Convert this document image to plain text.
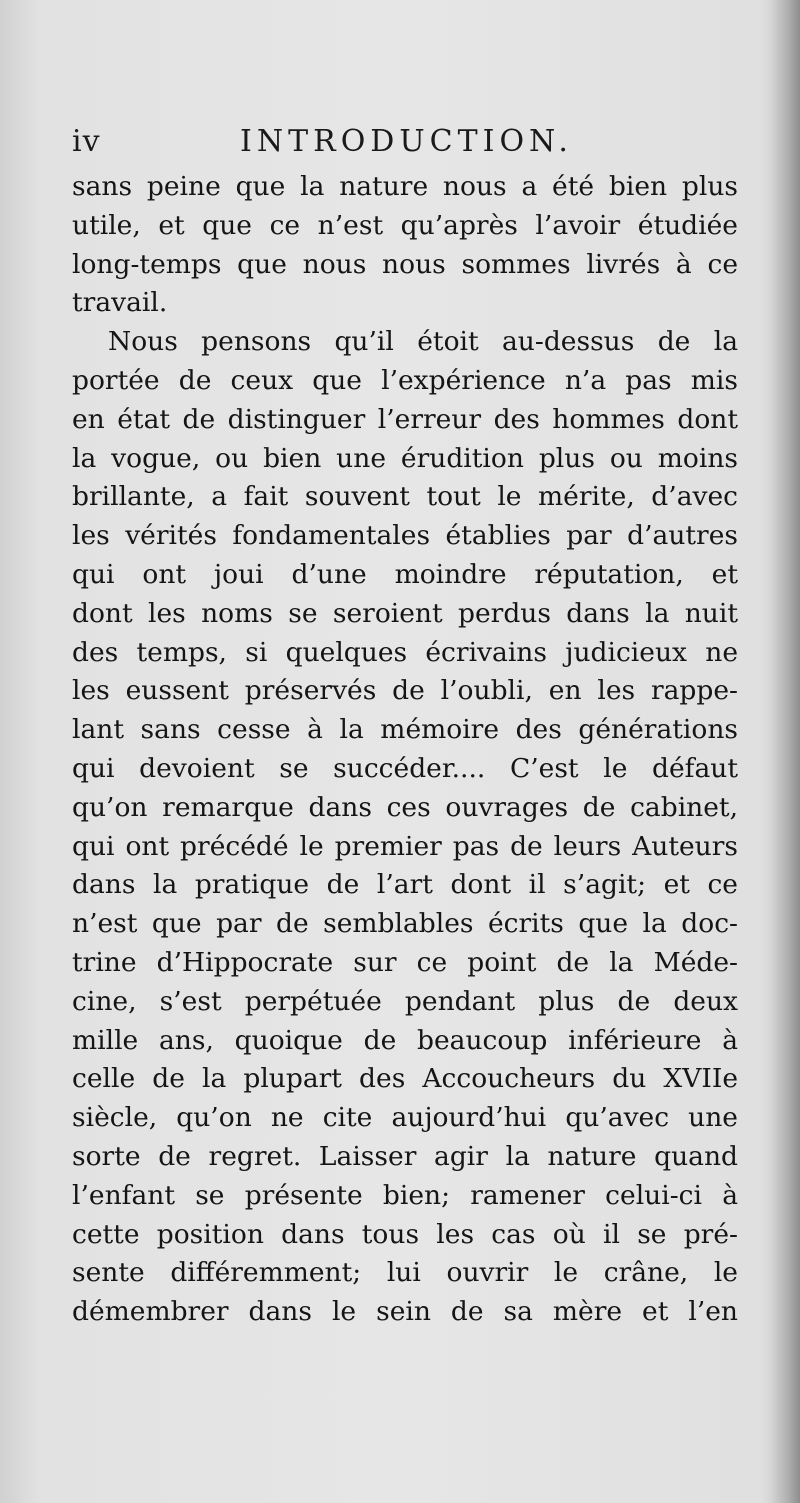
iv	INTRODUCTION.
sans peine que la nature nous a été bien plus
utile, et que ce n’est qu’après l’avoir étudiée
long-temps que nous nous sommes livrés à ce
travail.
Nous pensons qu’il étoit au-dessus de la
portée de ceux que l’expérience n’a pas mis
en état de distinguer l’erreur des hommes dont
la vogue, ou bien une érudition plus ou moins
brillante, a fait souvent tout le mérite, d’avec
les vérités fondamentales établies par d’autres
qui ont joui d’une moindre réputation, et
dont les noms se seroient perdus dans la nuit
des temps, si quelques écrivains judicieux ne
les eussent préservés de l’oubli, en les rappe-
lant sans cesse à la mémoire des générations
qui devoient se succéder.... C’est le défaut
qu’on remarque dans ces ouvrages de cabinet,
qui ont précédé le premier pas de leurs Auteurs
dans la pratique de l’art dont il s’agit; et ce
n’est que par de semblables écrits que la doc-
trine d’Hippocrate sur ce point de la Méde-
cine, s’est perpétuée pendant plus de deux
mille ans, quoique de beaucoup inférieure à
celle de la plupart des Accoucheurs du XVIIe
siècle, qu’on ne cite aujourd’hui qu’avec une
sorte de regret. Laisser agir la nature quand
l’enfant se présente bien; ramener celui-ci à
cette position dans tous les cas où il se pré-
sente différemment; lui ouvrir le crâne, le
démembrer dans le sein de sa mère et l’en
